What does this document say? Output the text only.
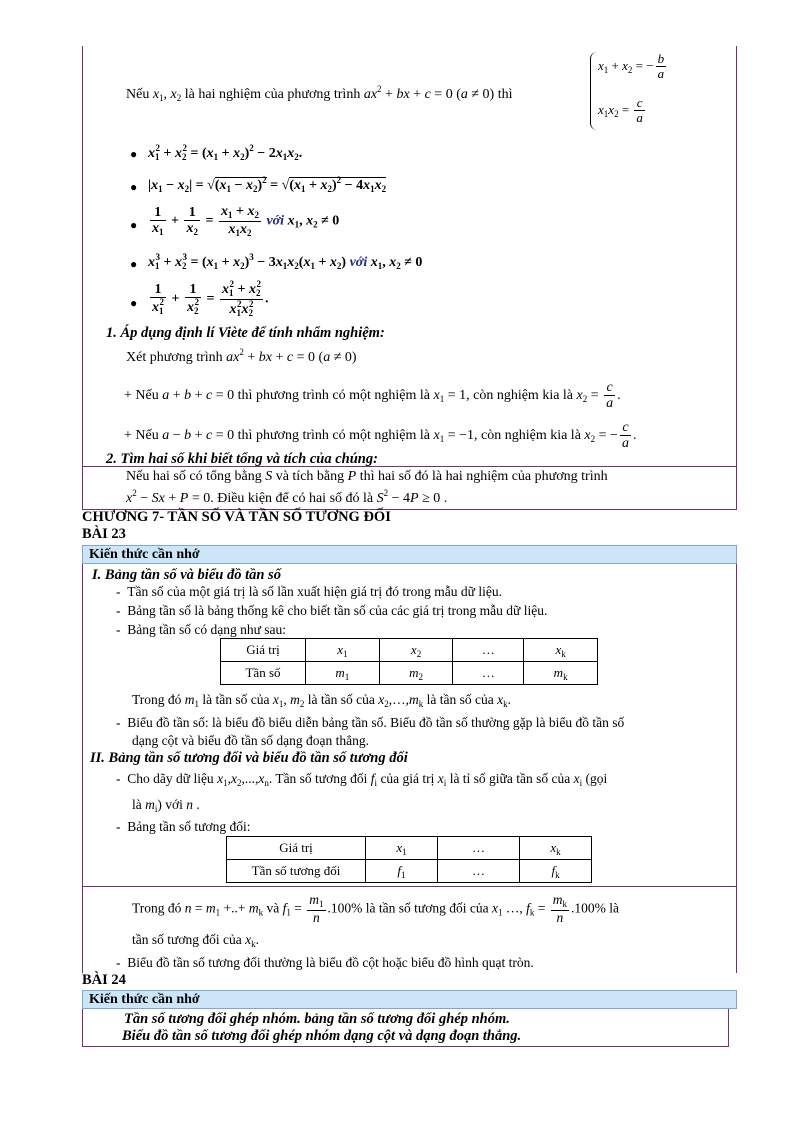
Nếu $x_1$, $x_2$ là hai nghiệm của phương trình $ax^2$ + bx + c = 0 (a ≠ 0) thì
$x_1 + x_2$ = − $\frac{b}{a}$
$x_1x_2 = \frac{c}{a}$
● $x_1^2 + x_2^2 = (x_1 + x_2)^2 - 2x_1x_2$.
● $|x_1 - x_2| = √(x_1 - x_2)^2 = √(x_1 + x_2)^2 - 4x_1x_2$
● $\frac{1}{x_1} + \frac{1}{x_2} = \frac{x_1 + x_2}{x_1x_2}$ với $x_1$, $x_2 \ne 0$
● $x_1^3 + x_2^3 = (x_1 + x_2)^3 - 3x_1x_2(x_1 + x_2)$ với $x_1$, $x_2 \ne 0$
● $\frac{1}{x_1^2} + \frac{1}{x_2^2} = \frac{x_1^2 + x_2^2}{x_1^2x_2^2}$ .
1. Áp dụng định lí Viète để tính nhẩm nghiệm:
Xét phương trình $ax^2$ + bx + c = 0 (a ≠ 0)
+ Nếu a + b + c = 0 thì phương trình có một nghiệm là $x_1 = 1$, còn nghiệm kia là $x_2 = \frac{c}{a}$ .
+ Nếu a − b + c = 0 thì phương trình có một nghiệm là $x_1 = -1$, còn nghiệm kia là $x_2$ = − $\frac{c}{a}$ .
2. Tìm hai số khi biết tổng và tích của chúng:
Nếu hai số có tổng bằng S và tích bằng P thì hai số đó là hai nghiệm của phương trình
$x^2 - Sx + P = 0$. Điều kiện để có hai số đó là $S^2 - 4P \ge 0$ .
CHƯƠNG 7- TẦN SỐ VÀ TẦN SỐ TƯƠNG ĐỐI
BÀI 23
Kiến thức cần nhớ
I. Bảng tần số và biểu đồ tần số
-  Tần số của một giá trị là số lần xuất hiện giá trị đó trong mẫu dữ liệu.
-  Bảng tần số là bảng thống kê cho biết tần số của các giá trị trong mẫu dữ liệu.
-  Bảng tần số có dạng như sau:
Giá trị	$x_1$	$x_2$	…	$x_k$
Tần số	$m_1$	$m_2$	…	$m_k$
Trong đó $m_1$ là tần số của $x_1$, $m_2$ là tần số của $x_2,\dots,m_k$ là tần số của $x_k$.
-  Biểu đồ tần số: là biểu đồ biểu diễn bảng tần số. Biểu đồ tần số thường gặp là biểu đồ tần số
dạng cột và biểu đồ tần số dạng đoạn thẳng.
II. Bảng tần số tương đối và biểu đồ tần số tương đối
-  Cho dãy dữ liệu $x_1,x_2,...,x_n$. Tần số tương đối $f_i$ của giá trị $x_i$ là tỉ số giữa tần số của $x_i$ (gọi
là $m_i$) với n .
-  Bảng tần số tương đối:
Giá trị	$x_1$	…	$x_k$
Tần số tương đối	$f_1$	…	$f_k$
Trong đó $n = m_1$ +..+ $m_k$ và $f_1 = \frac{m_1}{n} .100\%$ là tần số tương đối của $x_1$ …, $f_k = \frac{m_k}{n} .100\%$ là
tần số tương đối của $x_k$.
-  Biểu đồ tần số tương đối thường là biểu đồ cột hoặc biểu đồ hình quạt tròn.
BÀI 24
Kiến thức cần nhớ
Tần số tương đối ghép nhóm. bảng tần số tương đối ghép nhóm.
Biểu đồ tần số tương đối ghép nhóm dạng cột và dạng đoạn thẳng.
